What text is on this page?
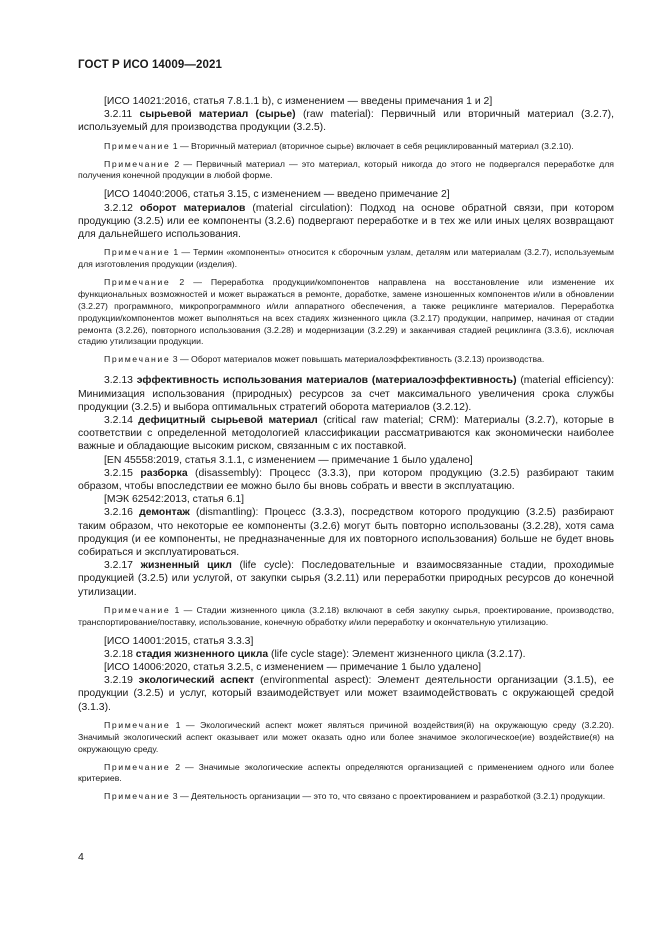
ГОСТ Р ИСО 14009—2021

[ИСО 14021:2016, статья 7.8.1.1 b), с изменением — введены примечания 1 и 2]

3.2.11 сырьевой материал (сырье) (raw material): Первичный или вторичный материал (3.2.7), используемый для производства продукции (3.2.5).

Примечание 1 — Вторичный материал (вторичное сырье) включает в себя рециклированный материал (3.2.10).

Примечание 2 — Первичный материал — это материал, который никогда до этого не подвергался переработке для получения конечной продукции в любой форме.

[ИСО 14040:2006, статья 3.15, с изменением — введено примечание 2]

3.2.12 оборот материалов (material circulation): Подход на основе обратной связи, при котором продукцию (3.2.5) или ее компоненты (3.2.6) подвергают переработке и в тех же или иных целях возвращают для дальнейшего использования.

Примечание 1 — Термин «компоненты» относится к сборочным узлам, деталям или материалам (3.2.7), используемым для изготовления продукции (изделия).

Примечание 2 — Переработка продукции/компонентов направлена на восстановление или изменение их функциональных возможностей и может выражаться в ремонте, доработке, замене изношенных компонентов и/или в обновлении (3.2.27) программного, микропрограммного и/или аппаратного обеспечения, а также рециклинге материалов. Переработка продукции/компонентов может выполняться на всех стадиях жизненного цикла (3.2.17) продукции, например, начиная от стадии ремонта (3.2.26), повторного использования (3.2.28) и модернизации (3.2.29) и заканчивая стадией рециклинга (3.3.6), исключая стадию утилизации продукции.

Примечание 3 — Оборот материалов может повышать материалоэффективность (3.2.13) производства.

3.2.13 эффективность использования материалов (материалоэффективность) (material efficiency): Минимизация использования (природных) ресурсов за счет максимального увеличения срока службы продукции (3.2.5) и выбора оптимальных стратегий оборота материалов (3.2.12).

3.2.14 дефицитный сырьевой материал (critical raw material; CRM): Материалы (3.2.7), которые в соответствии с определенной методологией классификации рассматриваются как экономически наиболее важные и обладающие высоким риском, связанным с их поставкой.

[EN 45558:2019, статья 3.1.1, с изменением — примечание 1 было удалено]

3.2.15 разборка (disassembly): Процесс (3.3.3), при котором продукцию (3.2.5) разбирают таким образом, чтобы впоследствии ее можно было бы вновь собрать и ввести в эксплуатацию.

[МЭК 62542:2013, статья 6.1]

3.2.16 демонтаж (dismantling): Процесс (3.3.3), посредством которого продукцию (3.2.5) разбирают таким образом, что некоторые ее компоненты (3.2.6) могут быть повторно использованы (3.2.28), хотя сама продукция (и ее компоненты, не предназначенные для их повторного использования) больше не будет вновь собираться и эксплуатироваться.

3.2.17 жизненный цикл (life cycle): Последовательные и взаимосвязанные стадии, проходимые продукцией (3.2.5) или услугой, от закупки сырья (3.2.11) или переработки природных ресурсов до конечной утилизации.

Примечание 1 — Стадии жизненного цикла (3.2.18) включают в себя закупку сырья, проектирование, производство, транспортирование/поставку, использование, конечную обработку и/или переработку и окончательную утилизацию.

[ИСО 14001:2015, статья 3.3.3]

3.2.18 стадия жизненного цикла (life cycle stage): Элемент жизненного цикла (3.2.17).

[ИСО 14006:2020, статья 3.2.5, с изменением — примечание 1 было удалено]

3.2.19 экологический аспект (environmental aspect): Элемент деятельности организации (3.1.5), ее продукции (3.2.5) и услуг, который взаимодействует или может взаимодействовать с окружающей средой (3.1.3).

Примечание 1 — Экологический аспект может являться причиной воздействия(й) на окружающую среду (3.2.20). Значимый экологический аспект оказывает или может оказать одно или более значимое экологическое(ие) воздействие(я) на окружающую среду.

Примечание 2 — Значимые экологические аспекты определяются организацией с применением одного или более критериев.

Примечание 3 — Деятельность организации — это то, что связано с проектированием и разработкой (3.2.1) продукции.

4
